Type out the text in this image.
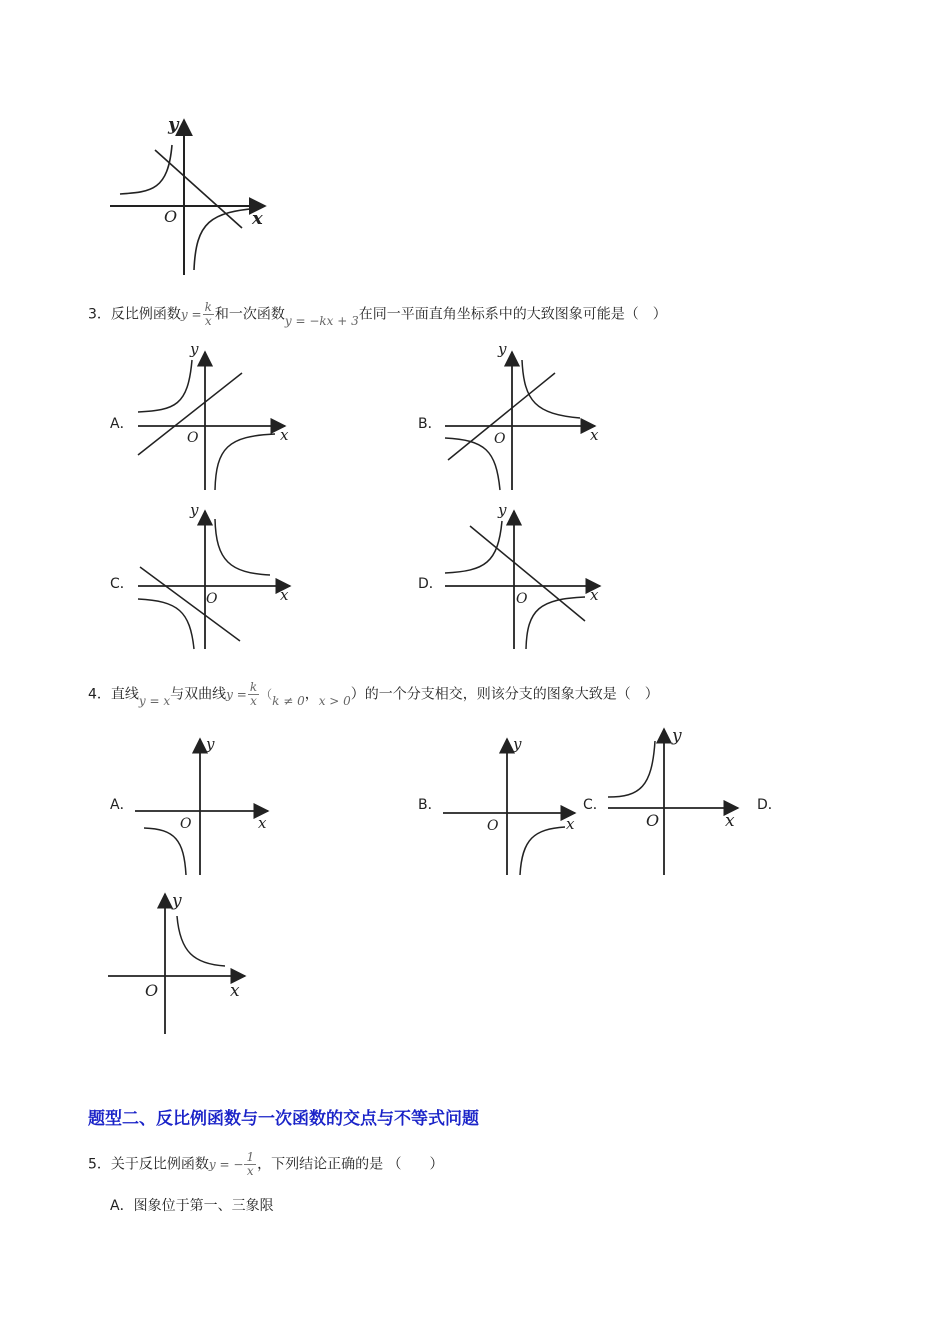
y
x
O
3．反比例函数$y = \frac{k}{x}$ 和一次函数y = −kx + 3在同一平面直角坐标系中的大致图象可能是（　）
A．
y
x
O
B．
y
x
O
C．
y
x
O
D．
y
x
O
4．直线y = x与双曲线$y = \frac{k}{x} (k \ne 0$，x > 0）的一个分支相交，则该分支的图象大致是（　）
A．
y
x
O
B．
y
x
O
C．
y
x
O
D．
y
x
O
题型二、反比例函数与一次函数的交点与不等式问题
5．关于反比例函数y = − $\frac{1}{x}$ ，下列结论正确的是 （　　）
A．图象位于第一、三象限
